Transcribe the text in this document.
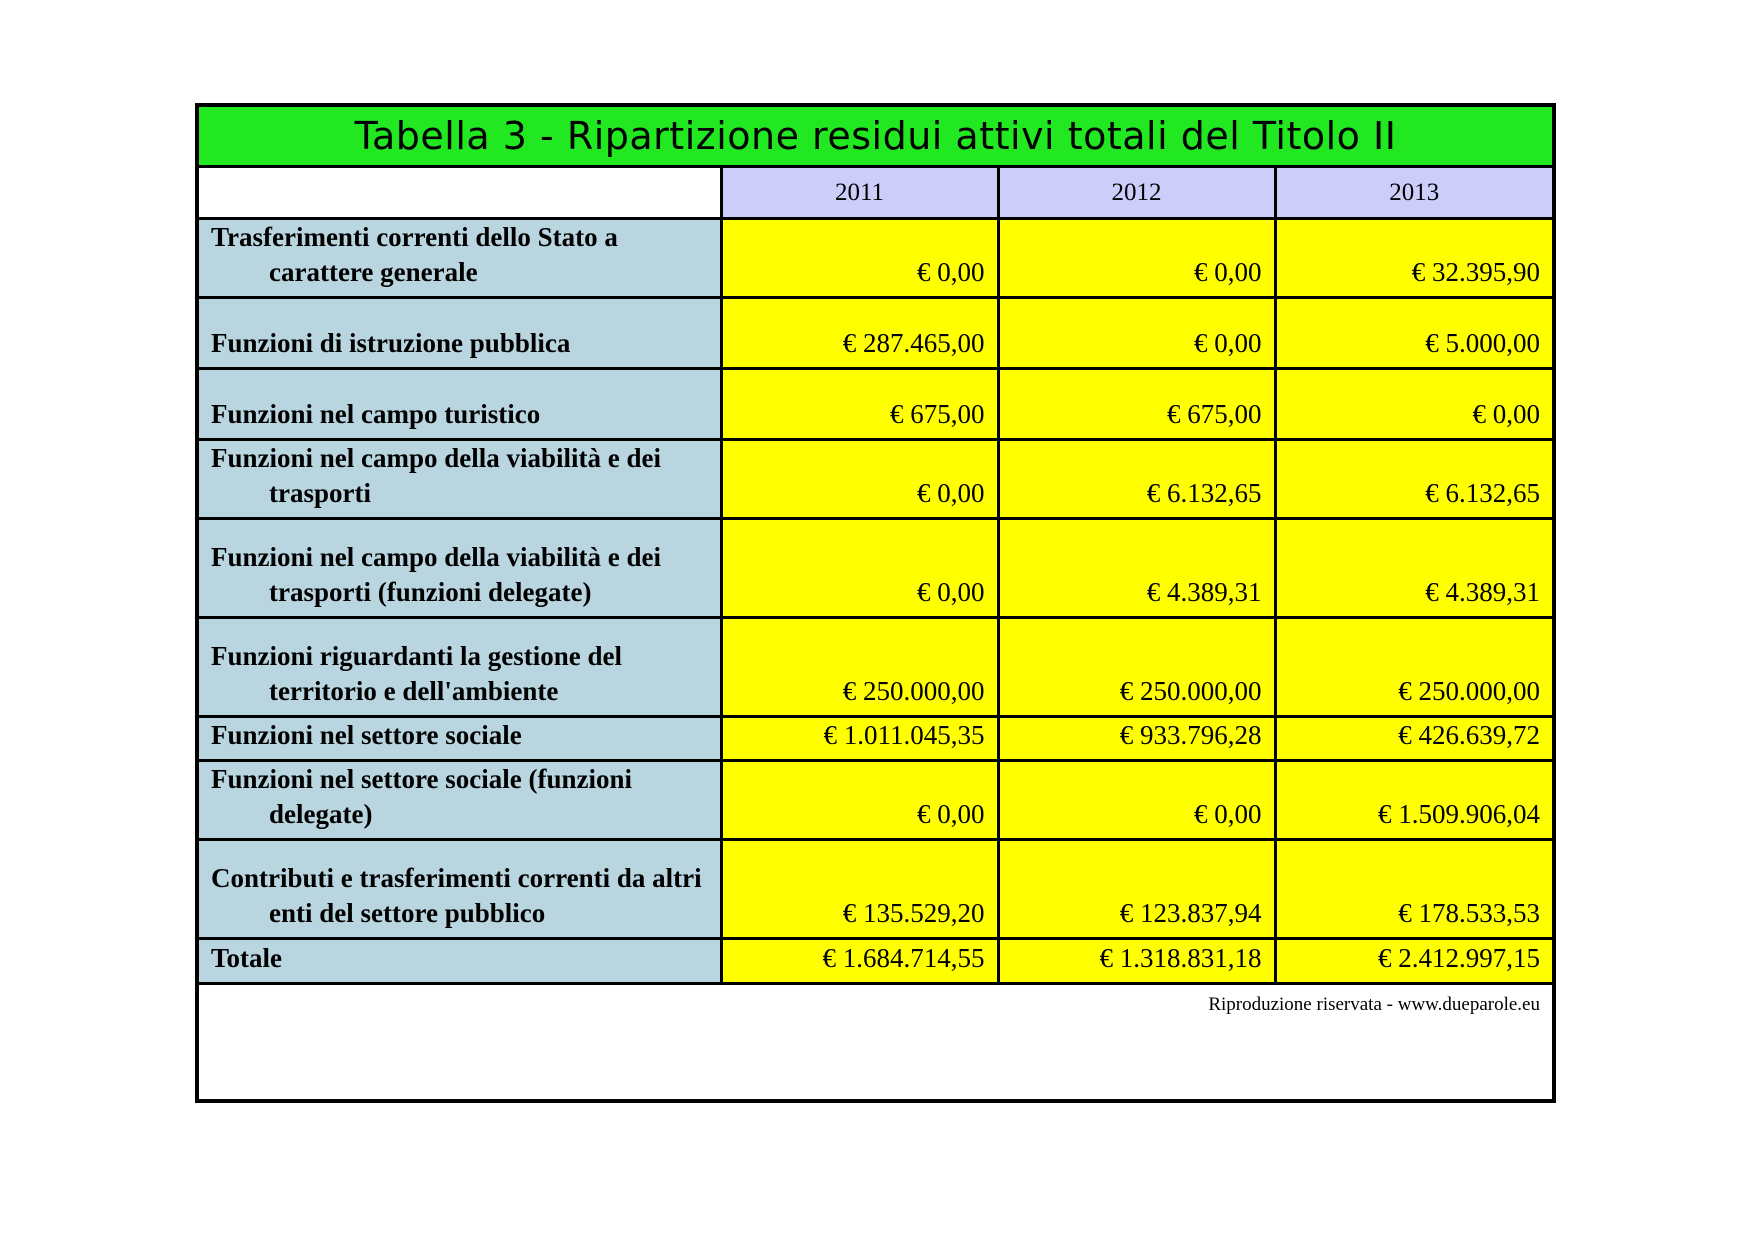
Tabella 3 - Ripartizione residui attivi totali del Titolo II
	2011	2012	2013
Trasferimenti correnti dello Stato a carattere generale	€ 0,00	€ 0,00	€ 32.395,90
Funzioni di istruzione pubblica	€ 287.465,00	€ 0,00	€ 5.000,00
Funzioni nel campo turistico	€ 675,00	€ 675,00	€ 0,00
Funzioni nel campo della viabilità e dei trasporti	€ 0,00	€ 6.132,65	€ 6.132,65
Funzioni nel campo della viabilità e dei trasporti (funzioni delegate)	€ 0,00	€ 4.389,31	€ 4.389,31
Funzioni riguardanti la gestione del territorio e dell'ambiente	€ 250.000,00	€ 250.000,00	€ 250.000,00
Funzioni nel settore sociale	€ 1.011.045,35	€ 933.796,28	€ 426.639,72
Funzioni nel settore sociale (funzioni delegate)	€ 0,00	€ 0,00	€ 1.509.906,04
Contributi e trasferimenti correnti da altri enti del settore pubblico	€ 135.529,20	€ 123.837,94	€ 178.533,53
Totale	€ 1.684.714,55	€ 1.318.831,18	€ 2.412.997,15
Riproduzione riservata - www.dueparole.eu			
